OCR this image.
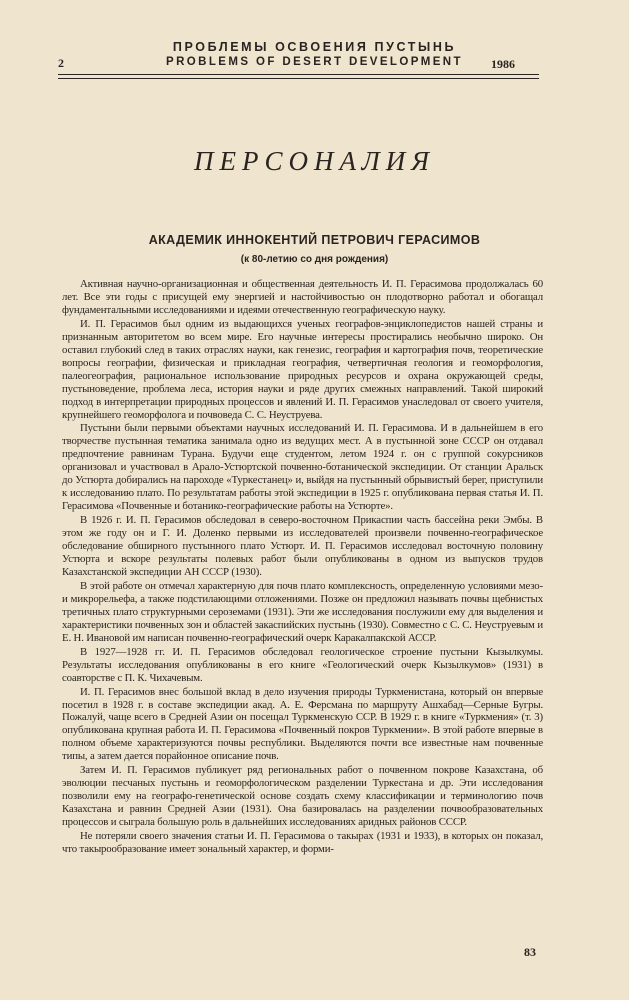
ПРОБЛЕМЫ ОСВОЕНИЯ ПУСТЫНЬ
2	PROBLEMS OF DESERT DEVELOPMENT	1986
ПЕРСОНАЛИЯ
АКАДЕМИК ИННОКЕНТИЙ ПЕТРОВИЧ ГЕРАСИМОВ
(к 80-летию со дня рождения)

Активная научно-организационная и общественная деятельность И. П. Герасимова продолжалась 60 лет. Все эти годы с присущей ему энергией и настойчивостью он плодотворно работал и обогащал фундаментальными исследованиями и идеями отечественную географическую науку.

И. П. Герасимов был одним из выдающихся ученых географов-энциклопедистов нашей страны и признанным авторитетом во всем мире. Его научные интересы простирались необычно широко. Он оставил глубокий след в таких отраслях науки, как генезис, география и картография почв, теоретические вопросы географии, физическая и прикладная география, четвертичная геология и геоморфология, палеогеография, рациональное использование природных ресурсов и охрана окружающей среды, пустыноведение, проблема леса, история науки и ряде других смежных направлений. Такой широкий подход в интерпретации природных процессов и явлений И. П. Герасимов унаследовал от своего учителя, крупнейшего геоморфолога и почвоведа С. С. Неуструева.

Пустыни были первыми объектами научных исследований И. П. Герасимова. И в дальнейшем в его творчестве пустынная тематика занимала одно из ведущих мест. А в пустынной зоне СССР он отдавал предпочтение равнинам Турана. Будучи еще студентом, летом 1924 г. он с группой сокурсников организовал и участвовал в Арало-Устюртской почвенно-ботанической экспедиции. От станции Аральск до Устюрта добирались на пароходе «Туркестанец» и, выйдя на пустынный обрывистый берег, приступили к исследованию плато. По результатам работы этой экспедиции в 1925 г. опубликована первая статья И. П. Герасимова «Почвенные и ботанико-географические работы на Устюрте».

В 1926 г. И. П. Герасимов обследовал в северо-восточном Прикаспии часть бассейна реки Эмбы. В этом же году он и Г. И. Доленко первыми из исследователей произвели почвенно-географическое обследование обширного пустынного плато Устюрт. И. П. Герасимов исследовал восточную половину Устюрта и вскоре результаты полевых работ были опубликованы в одном из выпусков трудов Казахстанской экспедиции АН СССР (1930).

В этой работе он отмечал характерную для почв плато комплексность, определенную условиями мезо- и микрорельефа, а также подстилающими отложениями. Позже он предложил называть почвы щебнистых третичных плато структурными сероземами (1931). Эти же исследования послужили ему для выделения и характеристики почвенных зон и областей закаспийских пустынь (1930). Совместно с С. С. Неуструевым и Е. Н. Ивановой им написан почвенно-географический очерк Каракалпакской АССР.

В 1927—1928 гг. И. П. Герасимов обследовал геологическое строение пустыни Кызылкумы. Результаты исследования опубликованы в его книге «Геологический очерк Кызылкумов» (1931) в соавторстве с П. К. Чихачевым.

И. П. Герасимов внес большой вклад в дело изучения природы Туркменистана, который он впервые посетил в 1928 г. в составе экспедиции акад. А. Е. Ферсмана по маршруту Ашхабад—Серные Бугры. Пожалуй, чаще всего в Средней Азии он посещал Туркменскую ССР. В 1929 г. в книге «Туркмения» (т. 3) опубликована крупная работа И. П. Герасимова «Почвенный покров Туркмении». В этой работе впервые в полном объеме характеризуются почвы республики. Выделяются почти все известные нам почвенные типы, а затем дается порайонное описание почв.

Затем И. П. Герасимов публикует ряд региональных работ о почвенном покрове Казахстана, об эволюции песчаных пустынь и геоморфологическом разделении Туркестана и др. Эти исследования позволили ему на географо-генетической основе создать схему классификации и терминологию почв Казахстана и равнин Средней Азии (1931). Она базировалась на разделении почвообразовательных процессов и сыграла большую роль в дальнейших исследованиях аридных районов СССР.

Не потеряли своего значения статьи И. П. Герасимова о такырах (1931 и 1933), в которых он показал, что такырообразование имеет зональный характер, и форми-

83
